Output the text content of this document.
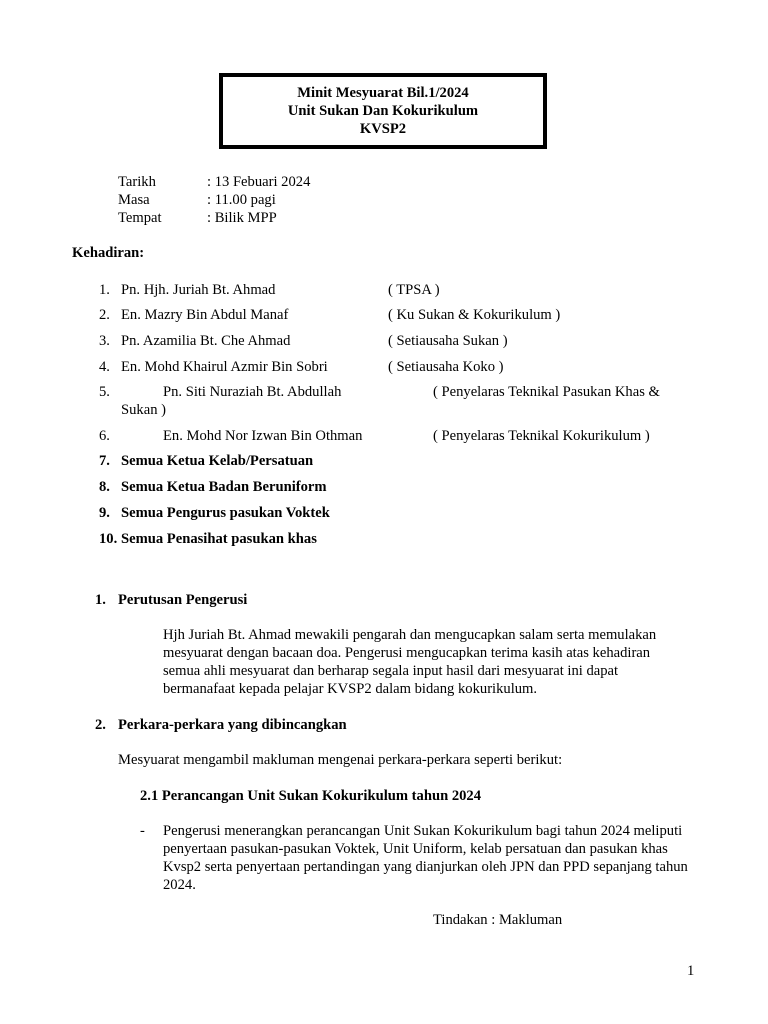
Minit Mesyuarat Bil.1/2024
Unit Sukan Dan Kokurikulum
KVSP2
Tarikh	: 13 Febuari 2024
Masa	: 11.00 pagi
Tempat	: Bilik MPP
Kehadiran:
1. Pn. Hjh. Juriah Bt. Ahmad	( TPSA )
2. En. Mazry Bin Abdul Manaf	( Ku Sukan & Kokurikulum )
3. Pn. Azamilia Bt. Che Ahmad	( Setiausaha Sukan )
4. En. Mohd Khairul Azmir Bin Sobri	( Setiausaha Koko )
5.	Pn. Siti Nuraziah Bt. Abdullah	( Penyelaras Teknikal Pasukan Khas &
Sukan )
6.	En. Mohd Nor Izwan Bin Othman	( Penyelaras Teknikal Kokurikulum )
7. Semua Ketua Kelab/Persatuan
8. Semua Ketua Badan Beruniform
9. Semua Pengurus pasukan Voktek
10. Semua Penasihat pasukan khas
1. Perutusan Pengerusi
Hjh Juriah Bt. Ahmad mewakili pengarah dan mengucapkan salam serta memulakan mesyuarat dengan bacaan doa. Pengerusi mengucapkan terima kasih atas kehadiran semua ahli mesyuarat dan berharap segala input hasil dari mesyuarat ini dapat bermanafaat kepada pelajar KVSP2 dalam bidang kokurikulum.
2. Perkara-perkara yang dibincangkan
Mesyuarat mengambil makluman mengenai perkara-perkara seperti berikut:
2.1 Perancangan Unit Sukan Kokurikulum tahun 2024
- Pengerusi menerangkan perancangan Unit Sukan Kokurikulum bagi tahun 2024 meliputi penyertaan pasukan-pasukan Voktek, Unit Uniform, kelab persatuan dan pasukan khas Kvsp2 serta penyertaan pertandingan yang dianjurkan oleh JPN dan PPD sepanjang tahun 2024.
Tindakan : Makluman
1
